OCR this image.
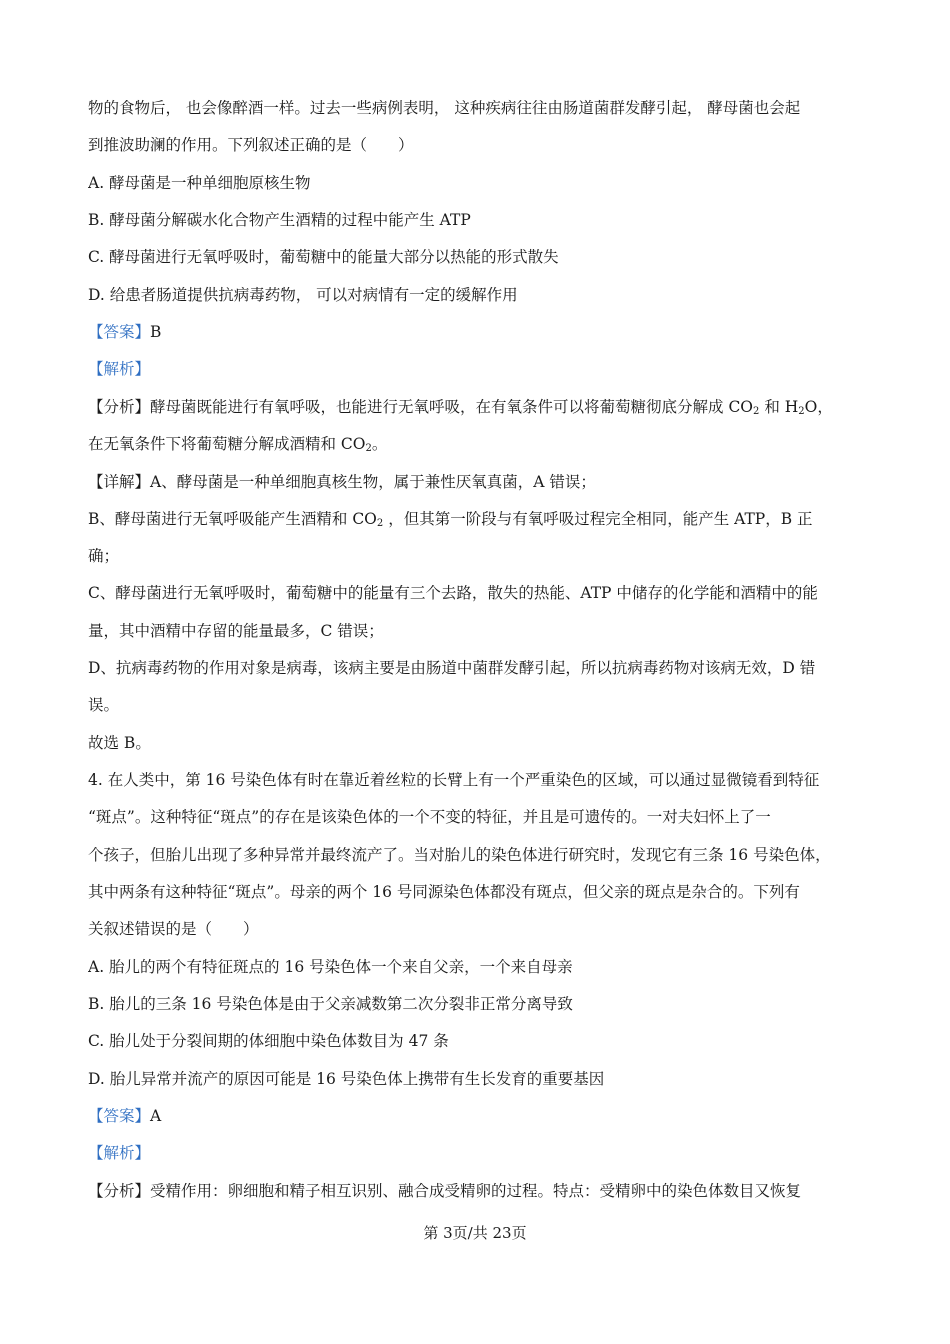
物的食物后， 也会像醉酒一样。过去一些病例表明， 这种疾病往往由肠道菌群发酵引起， 酵母菌也会起
到推波助澜的作用。下列叙述正确的是（　　）
A. 酵母菌是一种单细胞原核生物
B. 酵母菌分解碳水化合物产生酒精的过程中能产生 ATP
C. 酵母菌进行无氧呼吸时，葡萄糖中的能量大部分以热能的形式散失
D. 给患者肠道提供抗病毒药物， 可以对病情有一定的缓解作用
【答案】B
【解析】
【分析】酵母菌既能进行有氧呼吸，也能进行无氧呼吸，在有氧条件可以将葡萄糖彻底分解成 $CO_2$ 和 $H_2O$，
在无氧条件下将葡萄糖分解成酒精和 $CO_2$。
【详解】A、酵母菌是一种单细胞真核生物，属于兼性厌氧真菌，A 错误；
B、酵母菌进行无氧呼吸能产生酒精和 $CO_2$ ，但其第一阶段与有氧呼吸过程完全相同，能产生 ATP，B 正
确；
C、酵母菌进行无氧呼吸时，葡萄糖中的能量有三个去路，散失的热能、ATP 中储存的化学能和酒精中的能
量，其中酒精中存留的能量最多，C 错误；
D、抗病毒药物的作用对象是病毒，该病主要是由肠道中菌群发酵引起，所以抗病毒药物对该病无效，D 错
误。
故选 B。
4. 在人类中，第 16 号染色体有时在靠近着丝粒的长臂上有一个严重染色的区域，可以通过显微镜看到特征
“斑点”。这种特征“斑点”的存在是该染色体的一个不变的特征，并且是可遗传的。一对夫妇怀上了一
个孩子，但胎儿出现了多种异常并最终流产了。当对胎儿的染色体进行研究时，发现它有三条 16 号染色体，
其中两条有这种特征“斑点”。母亲的两个 16 号同源染色体都没有斑点，但父亲的斑点是杂合的。下列有
关叙述错误的是（　　）
A. 胎儿的两个有特征斑点的 16 号染色体一个来自父亲，一个来自母亲
B. 胎儿的三条 16 号染色体是由于父亲减数第二次分裂非正常分离导致
C. 胎儿处于分裂间期的体细胞中染色体数目为 47 条
D. 胎儿异常并流产的原因可能是 16 号染色体上携带有生长发育的重要基因
【答案】A
【解析】
【分析】受精作用：卵细胞和精子相互识别、融合成受精卵的过程。特点：受精卵中的染色体数目又恢复
第 3页/共 23页
